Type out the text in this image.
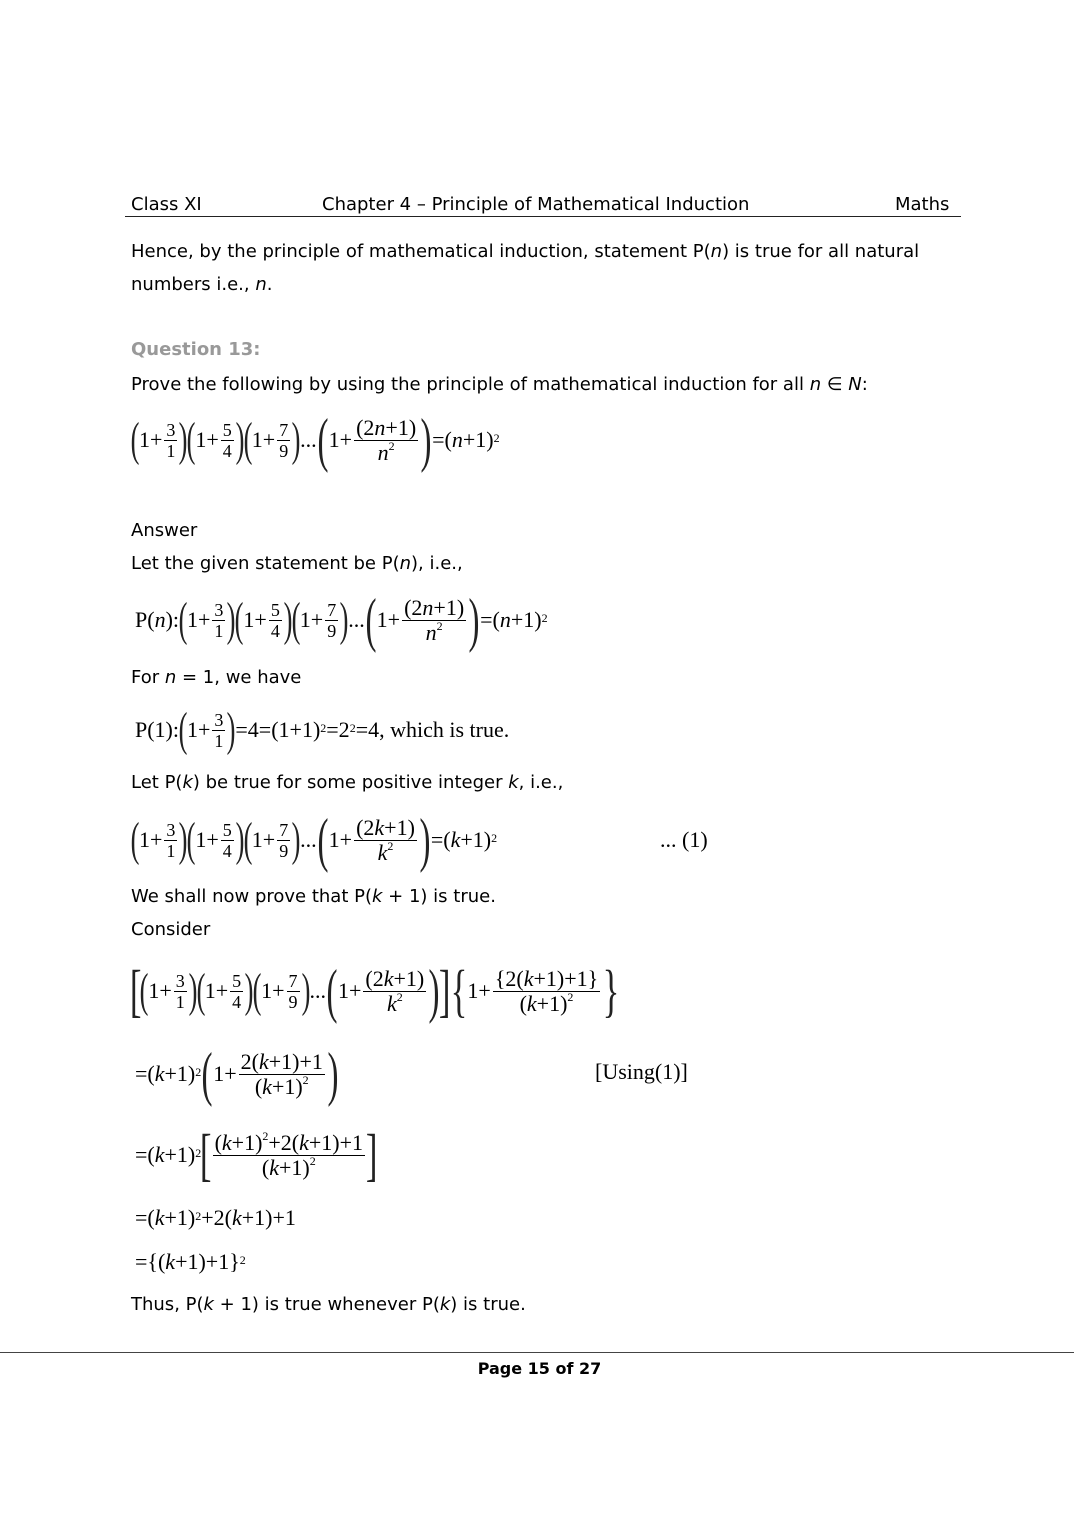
Class XI	Chapter 4 – Principle of Mathematical Induction	Maths
Hence, by the principle of mathematical induction, statement P(n) is true for all natural
numbers i.e., n.
Question 13:
Prove the following by using the principle of mathematical induction for all n ∈ N:
( $1+ \frac{3}{1}$ ) ( $1+ \frac{5}{4}$ ) ( $1+ \frac{7}{9}$ ) ... ( $1+ \frac{(2n+1)}{n^2}$ ) =( n +1)$^2$
Answer
Let the given statement be P(n), i.e.,
P( n ): ( $1+ \frac{3}{1}$ ) ( $1+ \frac{5}{4}$ ) ( $1+ \frac{7}{9}$ ) ... ( $1+ \frac{(2n+1)}{n^2}$ ) =( n +1)$^2$
For n = 1, we have
P(1): ( $1+ \frac{3}{1}$ ) $=4=(1+1)^2 =2^2 =4$, which is true.
Let P(k) be true for some positive integer k, i.e.,
( $1+ \frac{3}{1}$ ) ( $1+ \frac{5}{4}$ ) ( $1+ \frac{7}{9}$ ) ... ( $1+ \frac{(2k+1)}{k^2}$ ) =( k +1)$^2$	... (1)
We shall now prove that P(k + 1) is true.
Consider
[
( $1+ \frac{3}{1}$ ) ( $1+ \frac{5}{4}$ ) ( $1+ \frac{7}{9}$ ) ... ( $1+ \frac{(2k+1)}{k^2}$ ) ] { $1+ \frac{\{2(k+1)+1\}}{(k+1)^2}$ }
=( k +1)$^2$ ( $1+ \frac{2(k+1)+1}{(k+1)^2}$ )	[Using(1)]
=( k +1)$^2$
[ $\frac{(k+1)^2+2(k+1)+1}{(k+1)^2}$ ]
=( k +1)$^2$ +2( k +1)+1
={( k +1)+1}$^2$
Thus, P(k + 1) is true whenever P(k) is true.
Page 15 of 27
